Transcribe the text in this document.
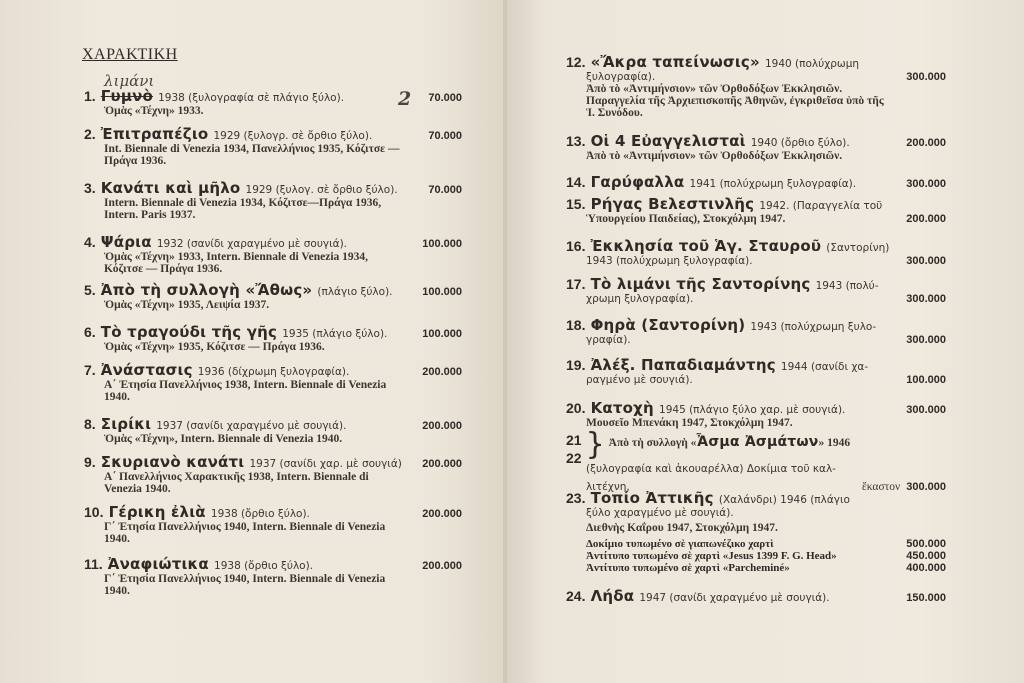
ΧΑΡΑΚΤΙΚΗ
λιμάνι
2
1. Γυμνὸ 1938 (ξυλογραφία σὲ πλάγιο ξύλο).	70.000
Ὁμὰς «Τέχνη» 1933.
2. Ἐπιτραπέζιο 1929 (ξυλογρ. σὲ ὄρθιο ξύλο).	70.000
Int. Biennale di Venezia 1934, Πανελλήνιος 1935, Κόζιτσε — Πράγα 1936.
3. Κανάτι καὶ μῆλο 1929 (ξυλογ. σὲ ὄρθιο ξύλο).	70.000
Intern. Biennale di Venezia 1934, Κόζιτσε—Πράγα 1936, Intern. Paris 1937.
4. Ψάρια 1932 (σανίδι χαραγμένο μὲ σουγιά).	100.000
Ὁμὰς «Τέχνη» 1933, Intern. Biennale di Venezia 1934, Κόζιτσε — Πράγα 1936.
5. Ἀπὸ τὴ συλλογὴ «Ἄθως» (πλάγιο ξύλο).	100.000
Ὁμὰς «Τέχνη» 1935, Λειψία 1937.
6. Τὸ τραγούδι τῆς γῆς 1935 (πλάγιο ξύλο).	100.000
Ὁμὰς «Τέχνη» 1935, Κόζιτσε — Πράγα 1936.
7. Ἀνάστασις 1936 (δίχρωμη ξυλογραφία).	200.000
Α΄ Ἐτησία Πανελλήνιος 1938, Intern. Biennale di Venezia 1940.
8. Σιρίκι 1937 (σανίδι χαραγμένο μὲ σουγιά).	200.000
Ὁμὰς «Τέχνη», Intern. Biennale di Venezia 1940.
9. Σκυριανὸ κανάτι 1937 (σανίδι χαρ. μὲ σουγιά)	200.000
Α΄ Πανελλήνιος Χαρακτικῆς 1938, Intern. Biennale di Venezia 1940.
10. Γέρικη ἐλιὰ 1938 (ὄρθιο ξύλο).	200.000
Γ΄ Ἐτησία Πανελλήνιος 1940, Intern. Biennale di Venezia 1940.
11. Ἀναφιώτικα 1938 (ὄρθιο ξύλο).	200.000
Γ΄ Ἐτησία Πανελλήνιος 1940, Intern. Biennale di Venezia 1940.
12. «Ἄκρα ταπείνωσις» 1940 (πολύχρωμη
ξυλογραφία).	300.000
Ἀπὸ τὸ «Ἀντιμήνσιον» τῶν Ὀρθοδόξων Ἐκκλησιῶν. Παραγγελία τῆς Ἀρχιεπισκοπῆς Ἀθηνῶν, ἐγκριθεῖσα ὑπὸ τῆς Ἱ. Συνόδου.
13. Οἱ 4 Εὐαγγελισταὶ 1940 (ὄρθιο ξύλο).	200.000
Ἀπὸ τὸ «Ἀντιμήνσιον» τῶν Ὀρθοδόξων Ἐκκλησιῶν.
14. Γαρύφαλλα 1941 (πολύχρωμη ξυλογραφία).	300.000
15. Ρήγας Βελεστινλῆς 1942. (Παραγγελία τοῦ
Ὑπουργείου Παιδείας), Στοκχόλμη 1947.	200.000
16. Ἐκκλησία τοῦ Ἁγ. Σταυροῦ (Σαντορίνη)
1943 (πολύχρωμη ξυλογραφία).	300.000
17. Τὸ λιμάνι τῆς Σαντορίνης 1943 (πολύ-
χρωμη ξυλογραφία).	300.000
18. Φηρὰ (Σαντορίνη) 1943 (πολύχρωμη ξυλο-
γραφία).	300.000
19. Ἀλέξ. Παπαδιαμάντης 1944 (σανίδι χα-
ραγμένο μὲ σουγιά).	100.000
20. Κατοχὴ 1945 (πλάγιο ξύλο χαρ. μὲ σουγιά).	300.000
Μουσεῖο Μπενάκη 1947, Στοκχόλμη 1947.
21
22 } Ἀπὸ τὴ συλλογὴ «Ἆσμα Ἀσμάτων» 1946
(ξυλογραφία καὶ ἀκουαρέλλα) Δοκίμια τοῦ καλ-
λιτέχνη.	ἕκαστον 300.000
23. Τοπίο Ἀττικῆς (Χαλάνδρι) 1946 (πλάγιο
ξύλο χαραγμένο μὲ σουγιά).
Διεθνὴς Καΐρου 1947, Στοκχόλμη 1947.
Δοκίμιο τυπωμένο σὲ γιαπωνέζικο χαρτὶ	500.000
Ἀντίτυπο τυπωμένο σὲ χαρτὶ «Jesus 1399 F. G. Head»	450.000
Ἀντίτυπο τυπωμένο σὲ χαρτὶ «Parcheminé»	400.000
24. Λήδα 1947 (σανίδι χαραγμένο μὲ σουγιά).	150.000
